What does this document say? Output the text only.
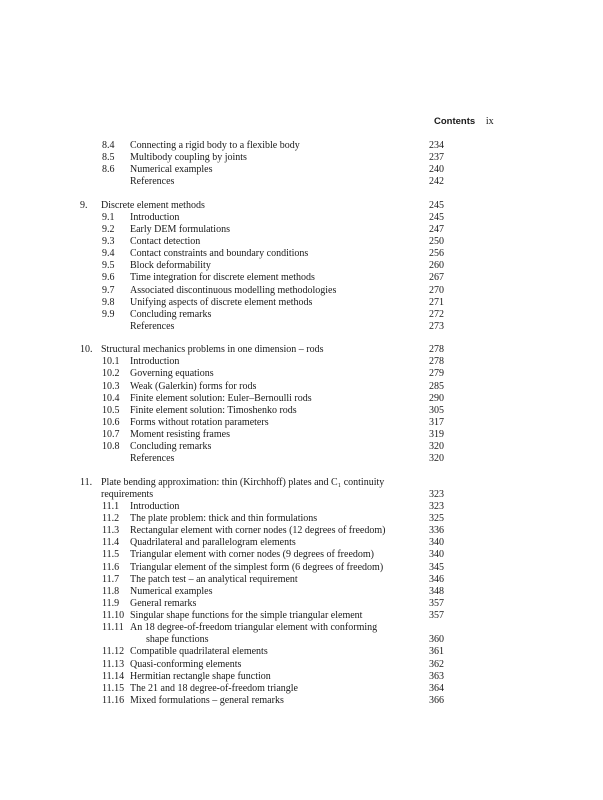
Contents ix
8.4 Connecting a rigid body to a flexible body	234
8.5 Multibody coupling by joints	237
8.6 Numerical examples	240
References	242
9. Discrete element methods	245
9.1 Introduction	245
9.2 Early DEM formulations	247
9.3 Contact detection	250
9.4 Contact constraints and boundary conditions	256
9.5 Block deformability	260
9.6 Time integration for discrete element methods	267
9.7 Associated discontinuous modelling methodologies	270
9.8 Unifying aspects of discrete element methods	271
9.9 Concluding remarks	272
References	273
10. Structural mechanics problems in one dimension – rods	278
10.1 Introduction	278
10.2 Governing equations	279
10.3 Weak (Galerkin) forms for rods	285
10.4 Finite element solution: Euler–Bernoulli rods	290
10.5 Finite element solution: Timoshenko rods	305
10.6 Forms without rotation parameters	317
10.7 Moment resisting frames	319
10.8 Concluding remarks	320
References	320
11. Plate bending approximation: thin (Kirchhoff) plates and C₁ continuity
requirements	323
11.1 Introduction	323
11.2 The plate problem: thick and thin formulations	325
11.3 Rectangular element with corner nodes (12 degrees of freedom)	336
11.4 Quadrilateral and parallelogram elements	340
11.5 Triangular element with corner nodes (9 degrees of freedom)	340
11.6 Triangular element of the simplest form (6 degrees of freedom)	345
11.7 The patch test – an analytical requirement	346
11.8 Numerical examples	348
11.9 General remarks	357
11.10 Singular shape functions for the simple triangular element	357
11.11 An 18 degree-of-freedom triangular element with conforming
shape functions	360
11.12 Compatible quadrilateral elements	361
11.13 Quasi-conforming elements	362
11.14 Hermitian rectangle shape function	363
11.15 The 21 and 18 degree-of-freedom triangle	364
11.16 Mixed formulations – general remarks	366
